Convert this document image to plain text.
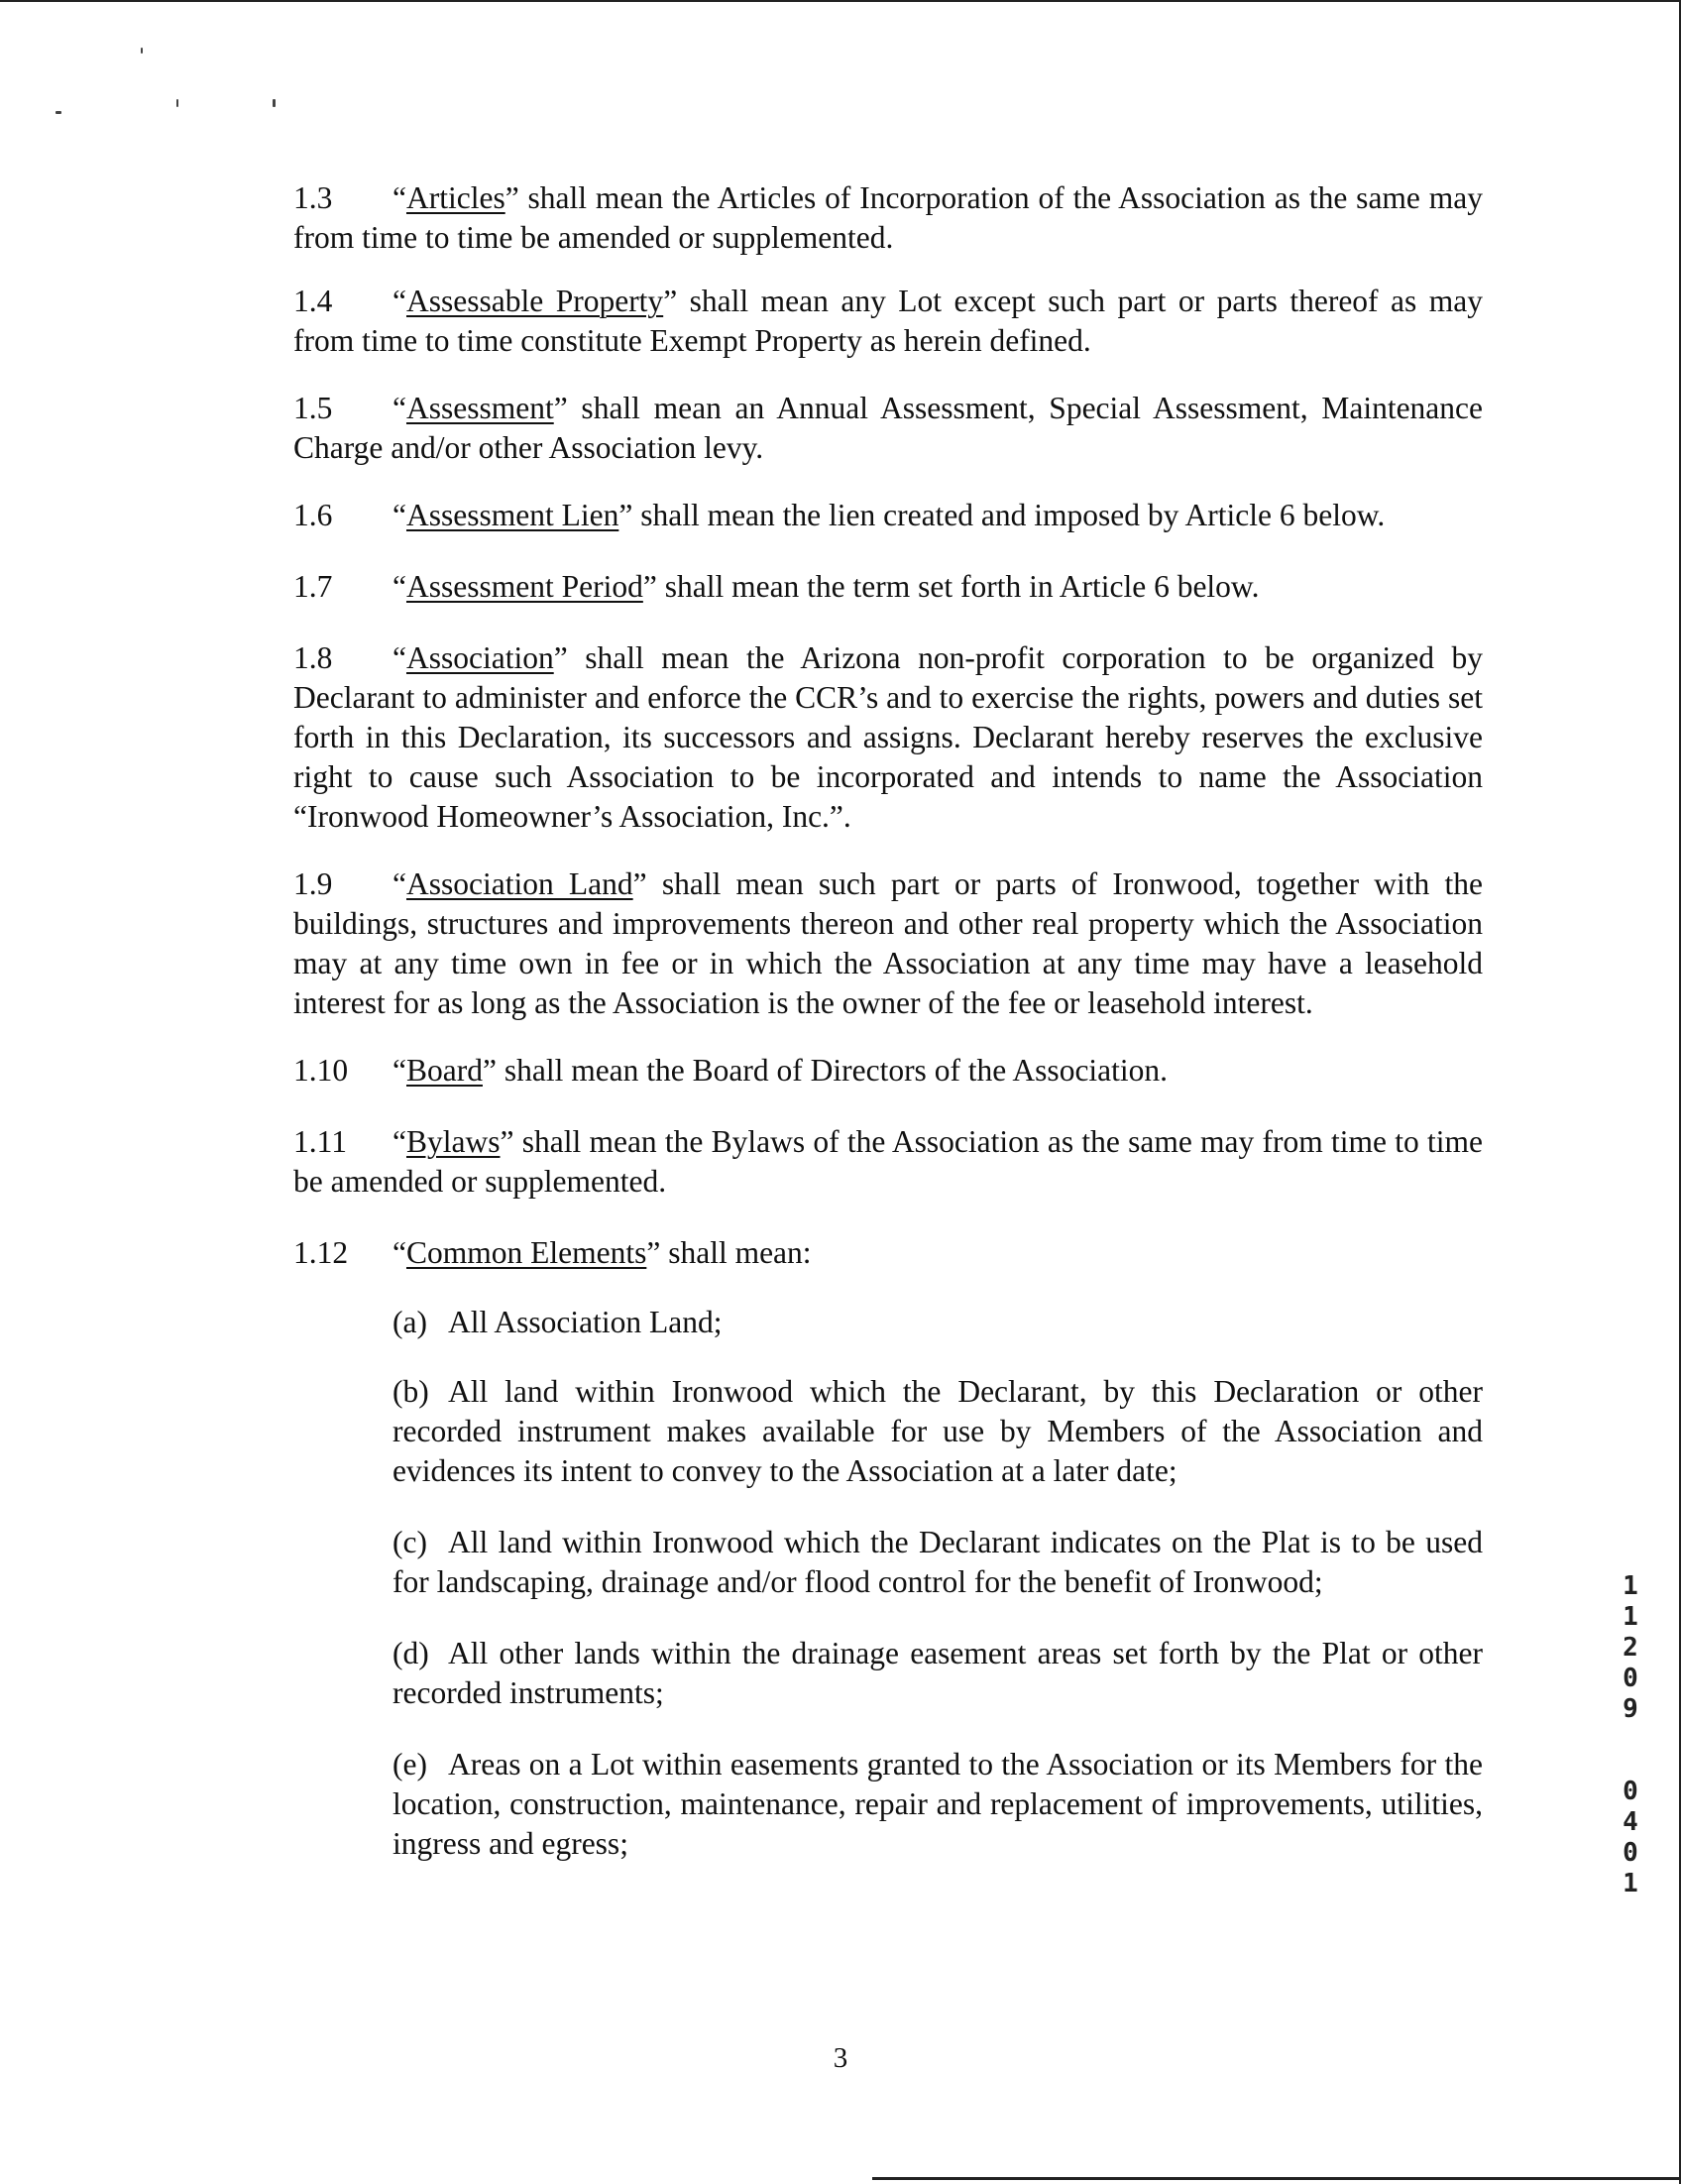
1.3 “Articles” shall mean the Articles of Incorporation of the Association as the same may from time to time be amended or supplemented.

1.4 “Assessable Property” shall mean any Lot except such part or parts thereof as may from time to time constitute Exempt Property as herein defined.

1.5 “Assessment” shall mean an Annual Assessment, Special Assessment, Maintenance Charge and/or other Association levy.

1.6 “Assessment Lien” shall mean the lien created and imposed by Article 6 below.

1.7 “Assessment Period” shall mean the term set forth in Article 6 below.

1.8 “Association” shall mean the Arizona non-profit corporation to be organized by Declarant to administer and enforce the CCR’s and to exercise the rights, powers and duties set forth in this Declaration, its successors and assigns. Declarant hereby reserves the exclusive right to cause such Association to be incorporated and intends to name the Association “Ironwood Homeowner’s Association, Inc.”.

1.9 “Association Land” shall mean such part or parts of Ironwood, together with the buildings, structures and improvements thereon and other real property which the Association may at any time own in fee or in which the Association at any time may have a leasehold interest for as long as the Association is the owner of the fee or leasehold interest.

1.10 “Board” shall mean the Board of Directors of the Association.

1.11 “Bylaws” shall mean the Bylaws of the Association as the same may from time to time be amended or supplemented.

1.12 “Common Elements” shall mean:

(a) All Association Land;
(b) All land within Ironwood which the Declarant, by this Declaration or other recorded instrument makes available for use by Members of the Association and evidences its intent to convey to the Association at a later date;
(c) All land within Ironwood which the Declarant indicates on the Plat is to be used for landscaping, drainage and/or flood control for the benefit of Ironwood;
(d) All other lands within the drainage easement areas set forth by the Plat or other recorded instruments;
(e) Areas on a Lot within easements granted to the Association or its Members for the location, construction, maintenance, repair and replacement of improvements, utilities, ingress and egress;
1
1
2
0
9
0
4
0
1
3
